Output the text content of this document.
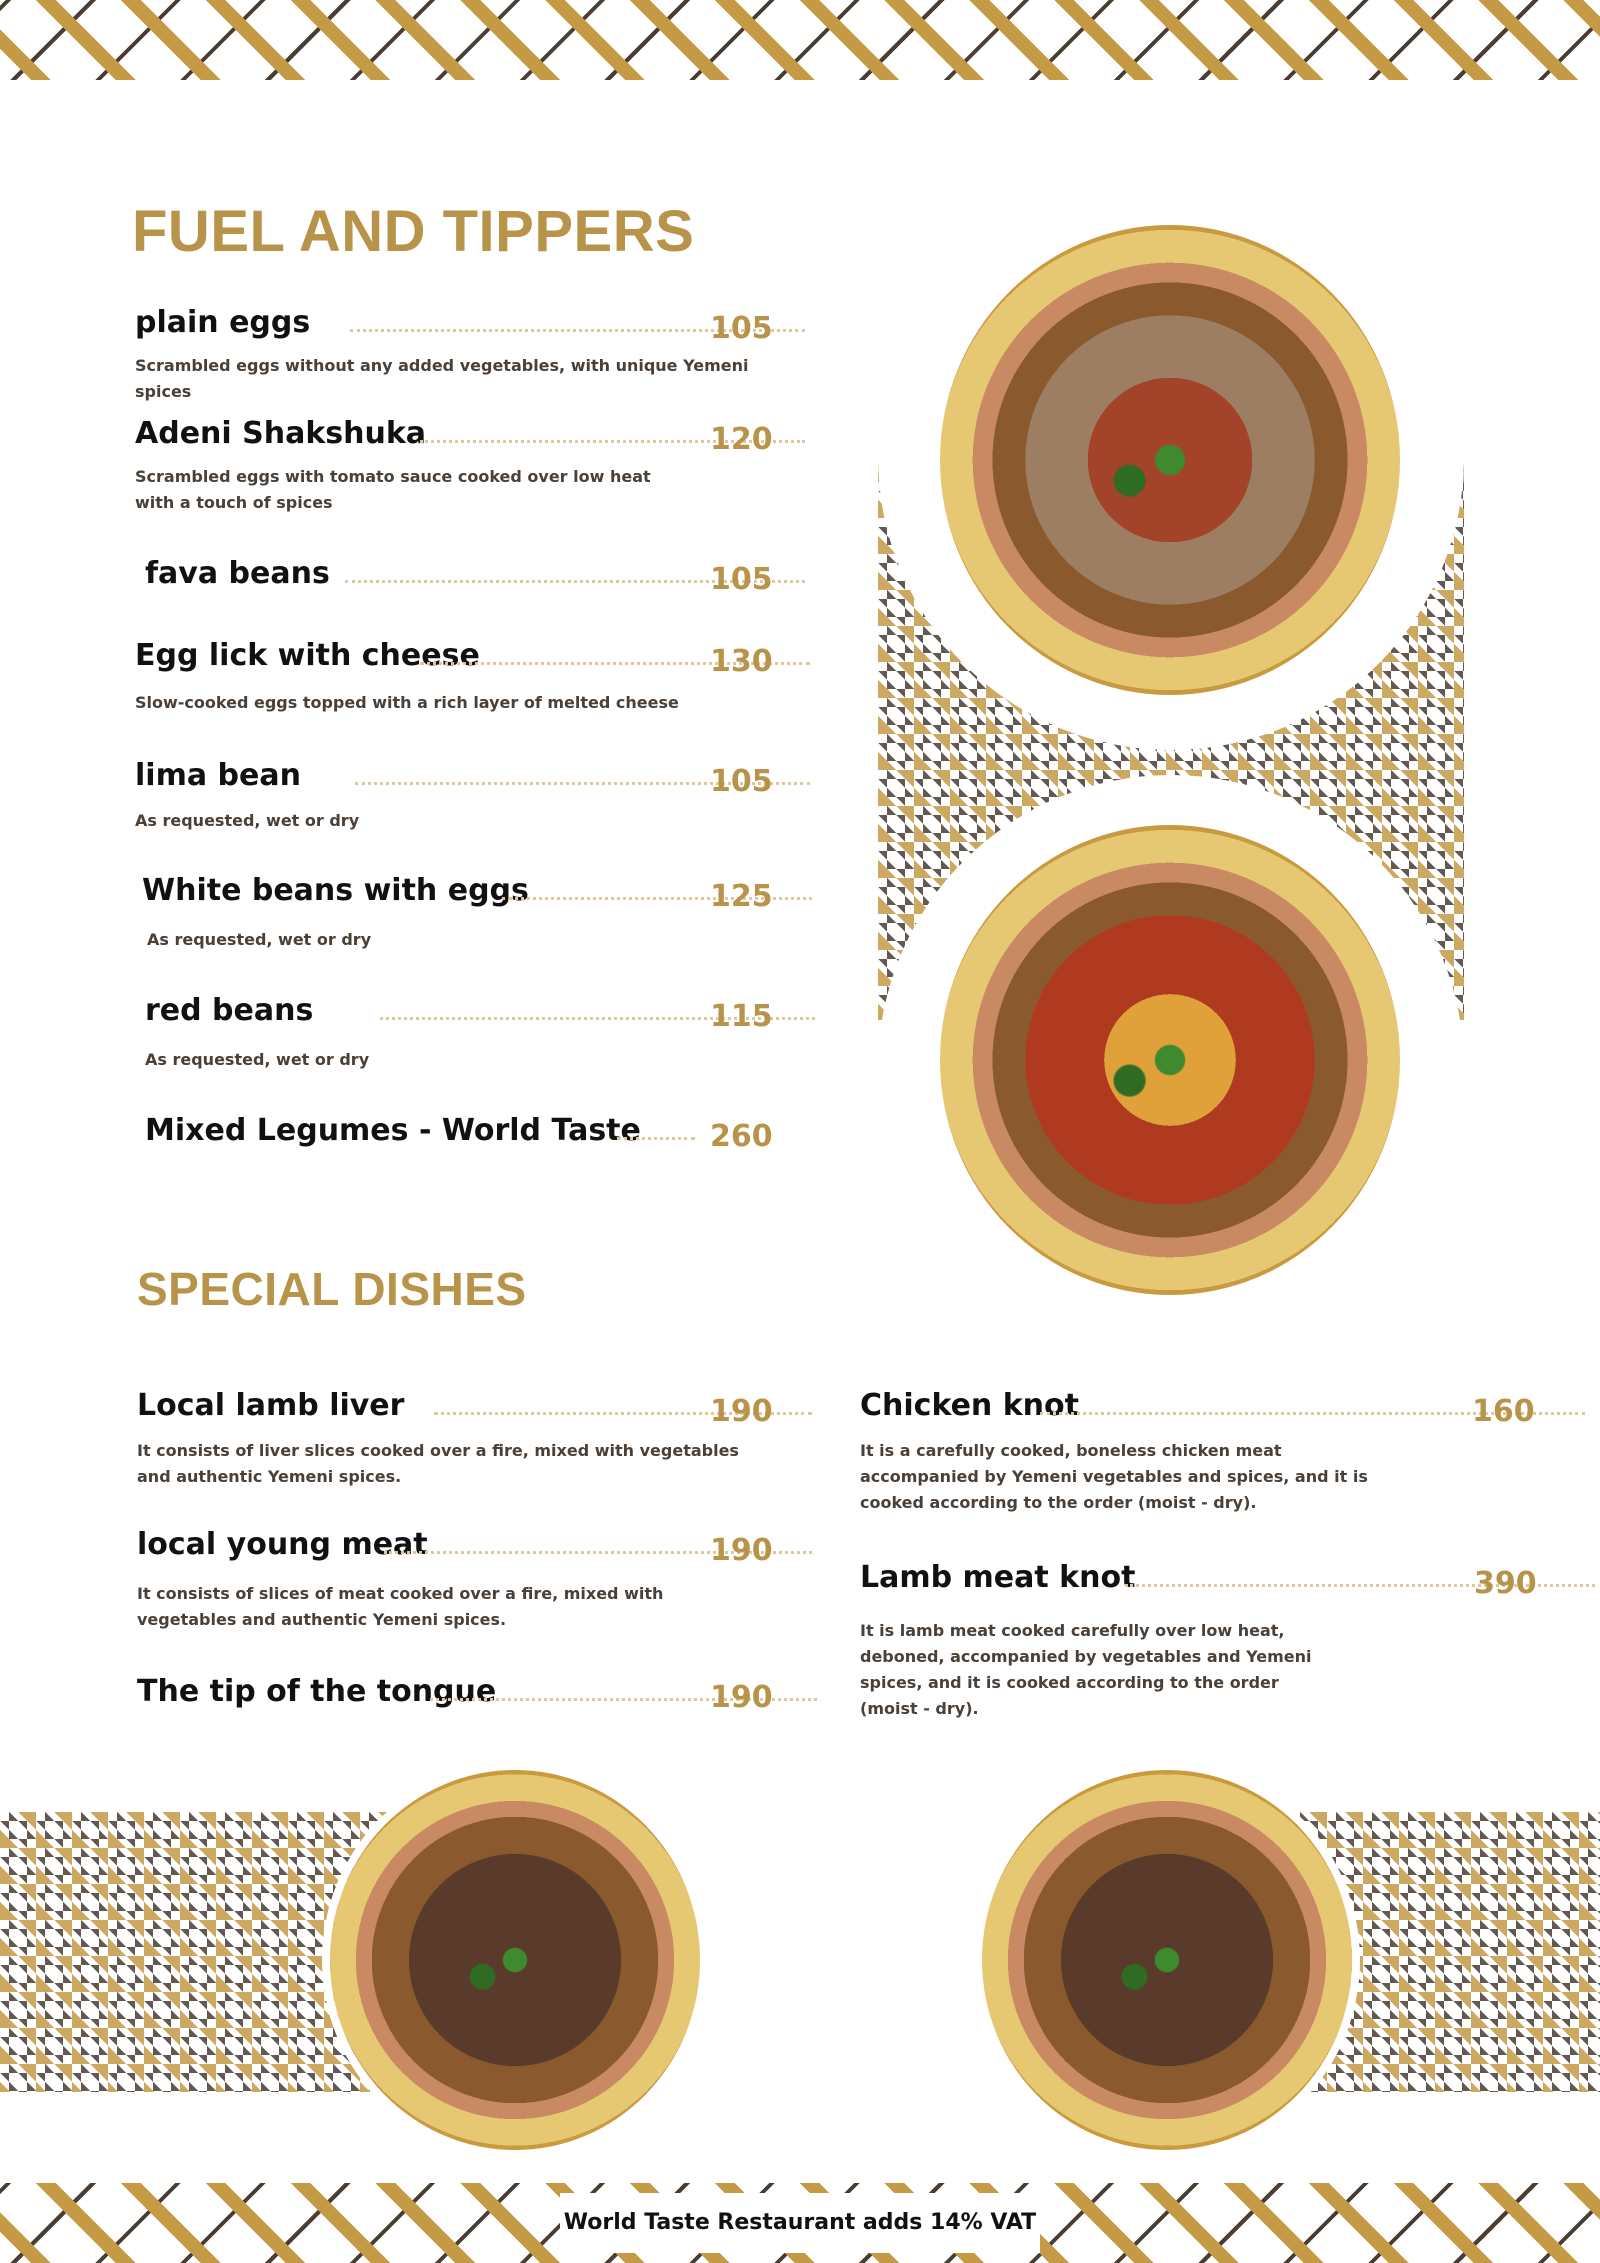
FUEL AND TIPPERS
plain eggs	105

Scrambled eggs without any added vegetables, with unique Yemeni spices

Adeni Shakshuka	120

Scrambled eggs with tomato sauce cooked over low heat with a touch of spices

fava beans	105
Egg lick with cheese	130

Slow-cooked eggs topped with a rich layer of melted cheese

lima bean	105

As requested, wet or dry

White beans with eggs	125

As requested, wet or dry

red beans	115

As requested, wet or dry

Mixed Legumes - World Taste 260
SPECIAL DISHES
Local lamb liver	190

It consists of liver slices cooked over a fire, mixed with vegetables and authentic Yemeni spices.

local young meat	190

It consists of slices of meat cooked over a fire, mixed with vegetables and authentic Yemeni spices.

The tip of the tongue	190
Chicken knot	160

It is a carefully cooked, boneless chicken meat accompanied by Yemeni vegetables and spices, and it is cooked according to the order (moist - dry).

Lamb meat knot	390

It is lamb meat cooked carefully over low heat, deboned, accompanied by vegetables and Yemeni spices, and it is cooked according to the order (moist - dry).

World Taste Restaurant adds 14% VAT
